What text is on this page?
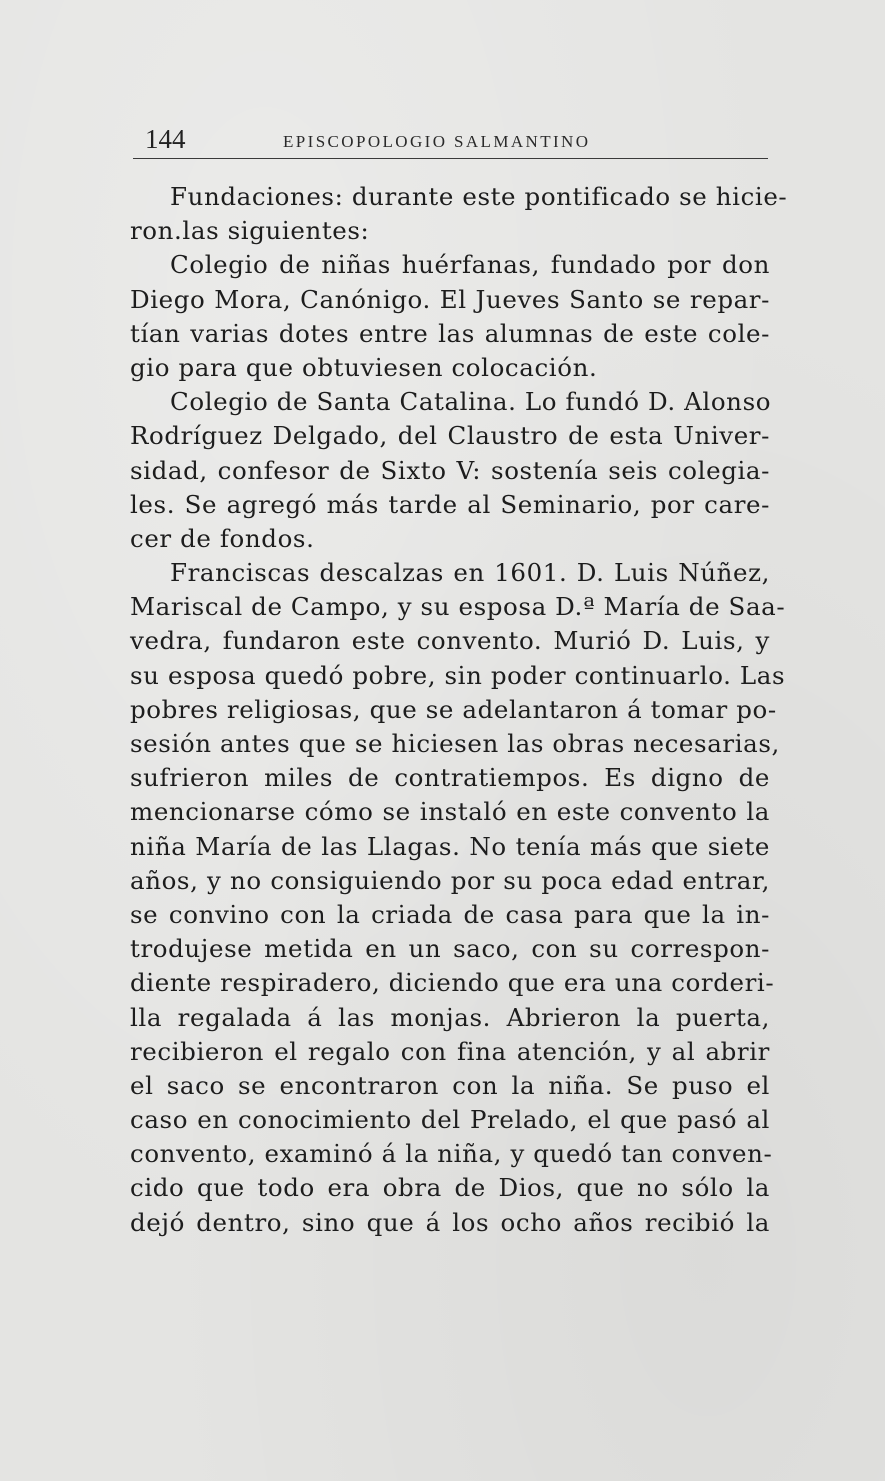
144	EPISCOPOLOGIO SALMANTINO
Fundaciones: durante este pontificado se hicie-
ron.las siguientes:
Colegio de niñas huérfanas, fundado por don
Diego Mora, Canónigo. El Jueves Santo se repar-
tían varias dotes entre las alumnas de este cole-
gio para que obtuviesen colocación.
Colegio de Santa Catalina. Lo fundó D. Alonso
Rodríguez Delgado, del Claustro de esta Univer-
sidad, confesor de Sixto V: sostenía seis colegia-
les. Se agregó más tarde al Seminario, por care-
cer de fondos.
Franciscas descalzas en 1601. D. Luis Núñez,
Mariscal de Campo, y su esposa D.ª María de Saa-
vedra, fundaron este convento. Murió D. Luis, y
su esposa quedó pobre, sin poder continuarlo. Las
pobres religiosas, que se adelantaron á tomar po-
sesión antes que se hiciesen las obras necesarias,
sufrieron miles de contratiempos. Es digno de
mencionarse cómo se instaló en este convento la
niña María de las Llagas. No tenía más que siete
años, y no consiguiendo por su poca edad entrar,
se convino con la criada de casa para que la in-
trodujese metida en un saco, con su correspon-
diente respiradero, diciendo que era una corderi-
lla regalada á las monjas. Abrieron la puerta,
recibieron el regalo con fina atención, y al abrir
el saco se encontraron con la niña. Se puso el
caso en conocimiento del Prelado, el que pasó al
convento, examinó á la niña, y quedó tan conven-
cido que todo era obra de Dios, que no sólo la
dejó dentro, sino que á los ocho años recibió la
